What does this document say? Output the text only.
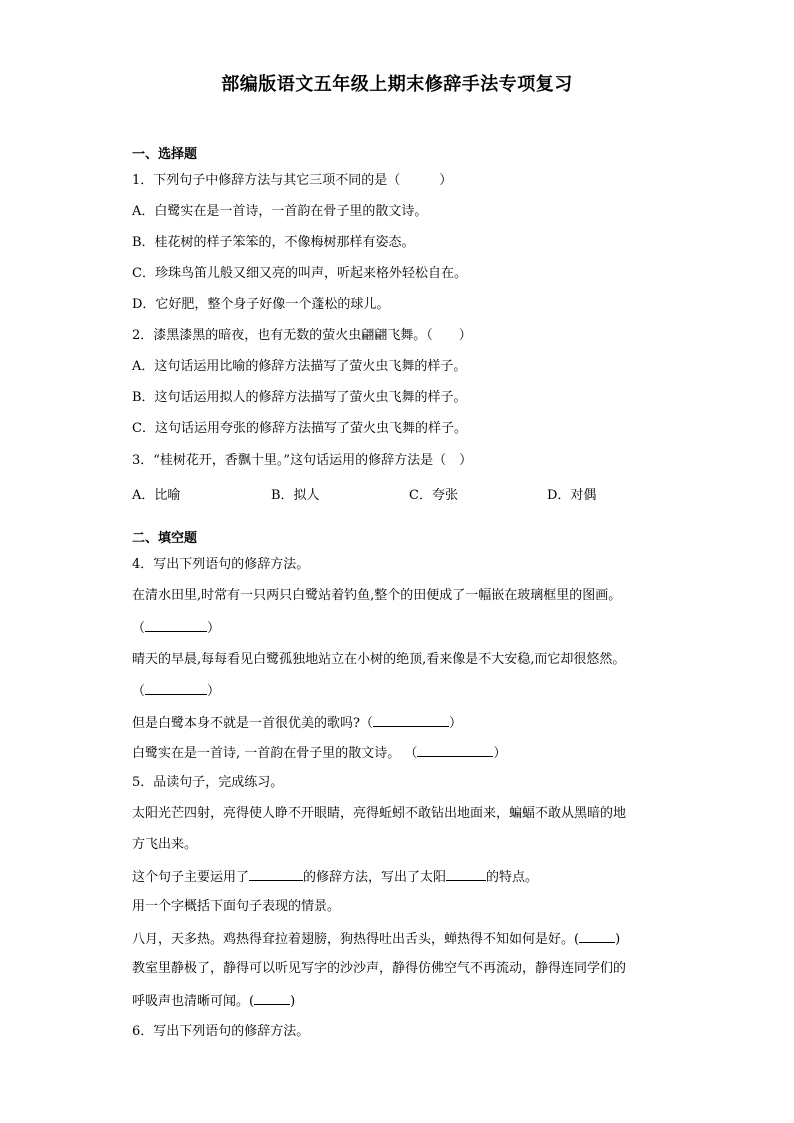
部编版语文五年级上期末修辞手法专项复习
一、选择题
1．下列句子中修辞方法与其它三项不同的是（　　　）
A．白鹭实在是一首诗，一首韵在骨子里的散文诗。
B．桂花树的样子笨笨的，不像梅树那样有姿态。
C．珍珠鸟笛儿般又细又亮的叫声，听起来格外轻松自在。
D．它好肥，整个身子好像一个蓬松的球儿。
2．漆黑漆黑的暗夜，也有无数的萤火虫翩翩飞舞。（　　）
A．这句话运用比喻的修辞方法描写了萤火虫飞舞的样子。
B．这句话运用拟人的修辞方法描写了萤火虫飞舞的样子。
C．这句话运用夸张的修辞方法描写了萤火虫飞舞的样子。
3．“桂树花开，香飘十里。”这句话运用的修辞方法是（　）
A．比喻	B．拟人	C．夸张	D．对偶
二、填空题
4．写出下列语句的修辞方法。
在清水田里,时常有一只两只白鹭站着钓鱼,整个的田便成了一幅嵌在玻璃框里的图画。
（	）
晴天的早晨,每每看见白鹭孤独地站立在小树的绝顶,看来像是不大安稳,而它却很悠然。
（	）
但是白鹭本身不就是一首很优美的歌吗?（	）
白鹭实在是一首诗, 一首韵在骨子里的散文诗。 （	）
5．品读句子，完成练习。
太阳光芒四射，亮得使人睁不开眼睛，亮得蚯蚓不敢钻出地面来，蝙蝠不敢从黑暗的地
方飞出来。
这个句子主要运用了	的修辞方法，写出了太阳	的特点。
用一个字概括下面句子表现的情景。
八月，天多热。鸡热得耷拉着翅膀，狗热得吐出舌头，蝉热得不知如何是好。(	)
教室里静极了，静得可以听见写字的沙沙声，静得仿佛空气不再流动，静得连同学们的
呼吸声也清晰可闻。(	)
6．写出下列语句的修辞方法。
